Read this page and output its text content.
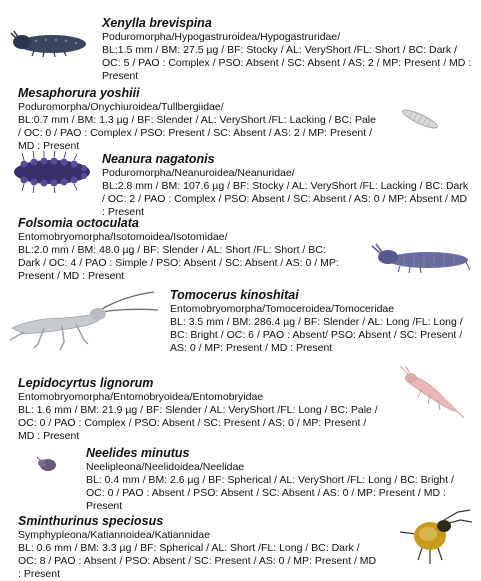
Xenylla brevispina
Poduromorpha/Hypogastruroidea/Hypogastruridae/
BL:1.5 mm / BM: 27.5 µg / BF: Stocky / AL: VeryShort /FL: Short / BC: Dark / OC: 5 / PAO : Complex / PSO: Absent / SC: Absent / AS: 2 / MP: Present / MD : Present
Mesaphorura yoshiii
Poduromorpha/Onychiuroidea/Tullbergiidae/
BL:0.7 mm / BM: 1.3 µg / BF: Slender / AL: VeryShort /FL: Lacking / BC: Pale / OC: 0 / PAO : Complex / PSO: Present / SC: Absent / AS: 2 / MP: Present / MD : Present
Neanura nagatonis
Poduromorpha/Neanuroidea/Neanuridae/
BL:2.8 mm / BM: 107.6 µg / BF: Stocky / AL: VeryShort /FL: Lacking / BC: Dark / OC: 2 / PAO : Complex / PSO: Absent / SC: Absent / AS: 0 / MP: Absent / MD : Present
Folsomia octoculata
Entomobryomorpha/Isotomoidea/Isotomidae/
BL:2.0 mm / BM: 48.0 µg / BF: Slender / AL: Short /FL: Short / BC: Dark / OC: 4 / PAO : Simple / PSO: Absent / SC: Absent / AS: 0 / MP: Present / MD : Present
Tomocerus kinoshitai
Entomobryomorpha/Tomoceroidea/Tomoceridae
BL: 3.5 mm / BM: 286.4 µg / BF: Slender / AL: Long /FL: Long / BC: Bright / OC: 6 / PAO : Absent/ PSO: Absent / SC: Present / AS: 0 / MP: Present / MD : Present
Lepidocyrtus lignorum
Entomobryomorpha/Entomobryoidea/Entomobryidae
BL: 1.6 mm / BM: 21.9 µg / BF: Slender / AL: VeryShort /FL: Long / BC: Pale / OC: 0 / PAO : Complex / PSO: Absent / SC: Present / AS: 0 / MP: Present / MD : Present
Neelides minutus
Neelipleona/Neelidoidea/Neelidae
BL: 0.4 mm / BM: 2.6 µg / BF: Spherical / AL: VeryShort /FL: Long / BC: Bright / OC: 0 / PAO : Absent / PSO: Absent / SC: Absent / AS: 0 / MP: Present / MD : Present
Sminthurinus speciosus
Symphypleona/Katiannoidea/Katiannidae
BL: 0.6 mm / BM: 3.3 µg / BF: Spherical / AL: Short /FL: Long / BC: Dark / OC: 8 / PAO : Absent / PSO: Absent / SC: Present / AS: 0 / MP: Present / MD : Present
